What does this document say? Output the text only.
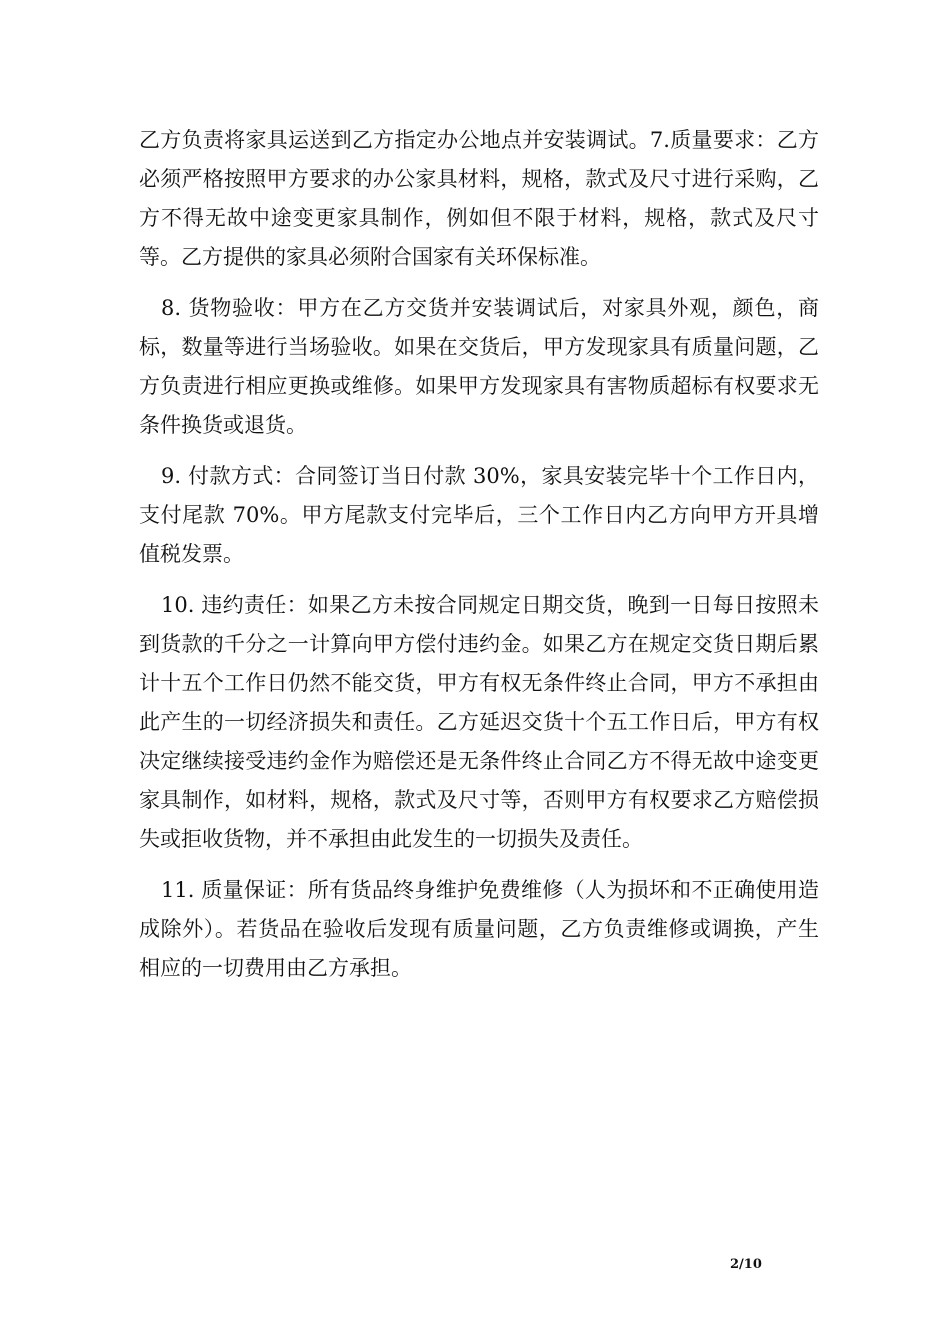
乙方负责将家具运送到乙方指定办公地点并安装调试。7.质量要求：乙方必须严格按照甲方要求的办公家具材料，规格，款式及尺寸进行采购，乙方不得无故中途变更家具制作，例如但不限于材料，规格，款式及尺寸等。乙方提供的家具必须附合国家有关环保标准。

8. 货物验收：甲方在乙方交货并安装调试后，对家具外观，颜色，商标，数量等进行当场验收。如果在交货后，甲方发现家具有质量问题，乙方负责进行相应更换或维修。如果甲方发现家具有害物质超标有权要求无条件换货或退货。

9. 付款方式：合同签订当日付款 30%，家具安装完毕十个工作日内，支付尾款 70%。甲方尾款支付完毕后，三个工作日内乙方向甲方开具增值税发票。

10. 违约责任：如果乙方未按合同规定日期交货，晚到一日每日按照未到货款的千分之一计算向甲方偿付违约金。如果乙方在规定交货日期后累计十五个工作日仍然不能交货，甲方有权无条件终止合同，甲方不承担由此产生的一切经济损失和责任。乙方延迟交货十个五工作日后，甲方有权决定继续接受违约金作为赔偿还是无条件终止合同乙方不得无故中途变更家具制作，如材料，规格，款式及尺寸等，否则甲方有权要求乙方赔偿损失或拒收货物，并不承担由此发生的一切损失及责任。

11. 质量保证：所有货品终身维护免费维修（人为损坏和不正确使用造成除外）。若货品在验收后发现有质量问题，乙方负责维修或调换，产生相应的一切费用由乙方承担。

2/10
